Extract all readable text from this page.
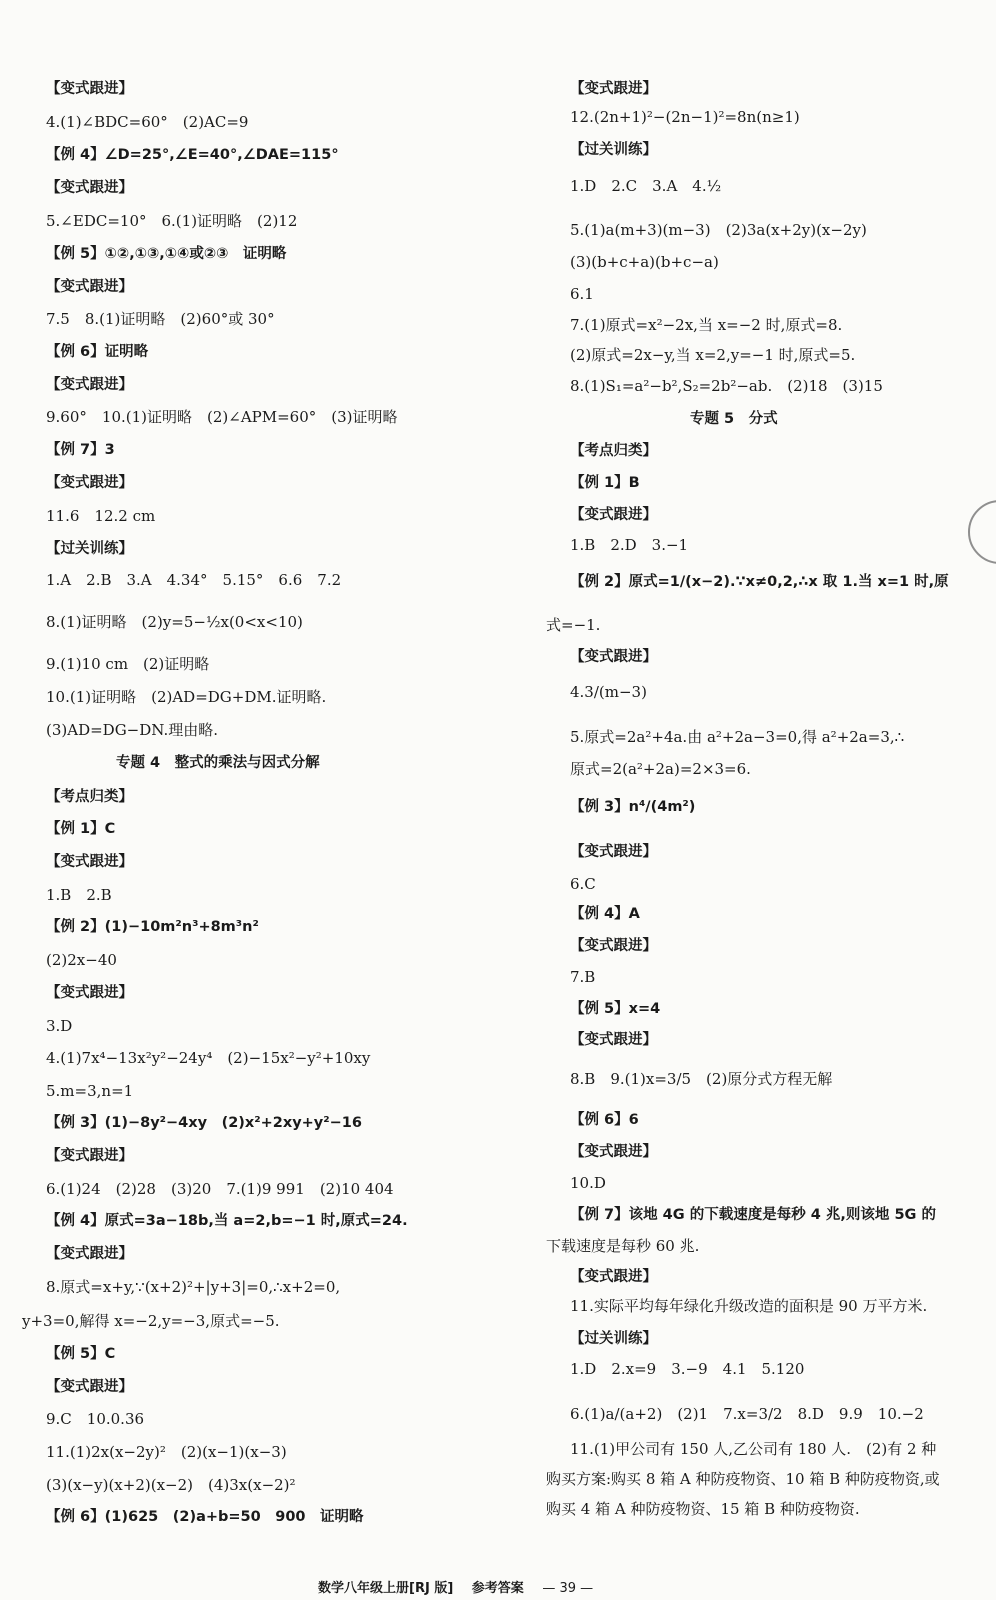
【变式跟进】
4.(1)∠BDC=60°　(2)AC=9
【例 4】∠D=25°,∠E=40°,∠DAE=115°
【变式跟进】
5.∠EDC=10°　6.(1)证明略　(2)12
【例 5】①②,①③,①④或②③　证明略
【变式跟进】
7.5　8.(1)证明略　(2)60°或 30°
【例 6】证明略
【变式跟进】
9.60°　10.(1)证明略　(2)∠APM=60°　(3)证明略
【例 7】3
【变式跟进】
11.6　12.2 cm
【过关训练】
1.A　2.B　3.A　4.34°　5.15°　6.6　7.2
8.(1)证明略　(2)y=5−½x(0<x<10)
9.(1)10 cm　(2)证明略
10.(1)证明略　(2)AD=DG+DM.证明略.
(3)AD=DG−DN.理由略.
专题 4　整式的乘法与因式分解
【考点归类】
【例 1】C
【变式跟进】
1.B　2.B
【例 2】(1)−10m²n³+8m³n²
(2)2x−40
【变式跟进】
3.D
4.(1)7x⁴−13x²y²−24y⁴　(2)−15x²−y²+10xy
5.m=3,n=1
【例 3】(1)−8y²−4xy　(2)x²+2xy+y²−16
【变式跟进】
6.(1)24　(2)28　(3)20　7.(1)9 991　(2)10 404
【例 4】原式=3a−18b,当 a=2,b=−1 时,原式=24.
【变式跟进】
8.原式=x+y,∵(x+2)²+|y+3|=0,∴x+2=0,
y+3=0,解得 x=−2,y=−3,原式=−5.
【例 5】C
【变式跟进】
9.C　10.0.36
11.(1)2x(x−2y)²　(2)(x−1)(x−3)
(3)(x−y)(x+2)(x−2)　(4)3x(x−2)²
【例 6】(1)625　(2)a+b=50　900　证明略
【变式跟进】
12.(2n+1)²−(2n−1)²=8n(n≥1)
【过关训练】
1.D　2.C　3.A　4.½
5.(1)a(m+3)(m−3)　(2)3a(x+2y)(x−2y)
(3)(b+c+a)(b+c−a)
6.1
7.(1)原式=x²−2x,当 x=−2 时,原式=8.
(2)原式=2x−y,当 x=2,y=−1 时,原式=5.
8.(1)S₁=a²−b²,S₂=2b²−ab.　(2)18　(3)15
专题 5　分式
【考点归类】
【例 1】B
【变式跟进】
1.B　2.D　3.−1
【例 2】原式=1/(x−2).∵x≠0,2,∴x 取 1.当 x=1 时,原
式=−1.
【变式跟进】
4.3/(m−3)
5.原式=2a²+4a.由 a²+2a−3=0,得 a²+2a=3,∴
原式=2(a²+2a)=2×3=6.
【例 3】n⁴/(4m²)
【变式跟进】
6.C
【例 4】A
【变式跟进】
7.B
【例 5】x=4
【变式跟进】
8.B　9.(1)x=3/5　(2)原分式方程无解
【例 6】6
【变式跟进】
10.D
【例 7】该地 4G 的下载速度是每秒 4 兆,则该地 5G 的
下载速度是每秒 60 兆.
【变式跟进】
11.实际平均每年绿化升级改造的面积是 90 万平方米.
【过关训练】
1.D　2.x=9　3.−9　4.1　5.120
6.(1)a/(a+2)　(2)1　7.x=3/2　8.D　9.9　10.−2
11.(1)甲公司有 150 人,乙公司有 180 人.　(2)有 2 种
购买方案:购买 8 箱 A 种防疫物资、10 箱 B 种防疫物资,或
购买 4 箱 A 种防疫物资、15 箱 B 种防疫物资.
数学八年级上册[RJ 版] 参考答案 — 39 —
